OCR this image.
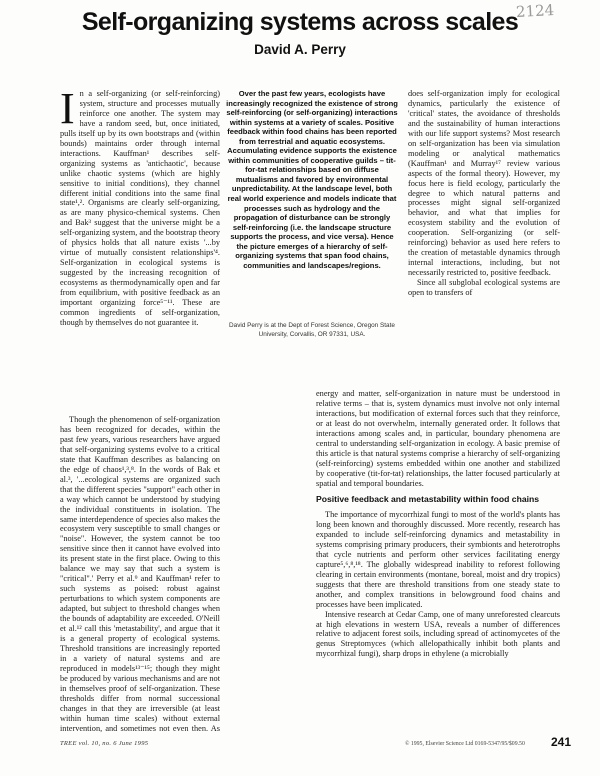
2124
Self-organizing systems across scales
David A. Perry

In a self-organizing (or self-reinforcing) system, structure and processes mutually reinforce one another. The system may have a random seed, but, once initiated, pulls itself up by its own bootstraps and (within bounds) maintains order through internal interactions. Kauffman¹ describes self-organizing systems as 'antichaotic', because unlike chaotic systems (which are highly sensitive to initial conditions), they channel different initial conditions into the same final state¹,². Organisms are clearly self-organizing, as are many physico-chemical systems. Chen and Bak³ suggest that the universe might be a self-organizing system, and the bootstrap theory of physics holds that all nature exists '...by virtue of mutually consistent relationships'⁴. Self-organization in ecological systems is suggested by the increasing recognition of ecosystems as thermodynamically open and far from equilibrium, with positive feedback as an important organizing force⁵⁻¹¹. These are common ingredients of self-organization, though by themselves do not guarantee it.

Over the past few years, ecologists have increasingly recognized the existence of strong self-reinforcing (or self-organizing) interactions within systems at a variety of scales. Positive feedback within food chains has been reported from terrestrial and aquatic ecosystems. Accumulating evidence supports the existence within communities of cooperative guilds – tit-for-tat relationships based on diffuse mutualisms and favored by environmental unpredictability. At the landscape level, both real world experience and models indicate that processes such as hydrology and the propagation of disturbance can be strongly self-reinforcing (i.e. the landscape structure supports the process, and vice versa). Hence the picture emerges of a hierarchy of self-organizing systems that span food chains, communities and landscapes/regions.
David Perry is at the Dept of Forest Science, Oregon State University, Corvallis, OR 97331, USA.

does self-organization imply for ecological dynamics, particularly the existence of 'critical' states, the avoidance of thresholds and the sustainability of human interactions with our life support systems? Most research on self-organization has been via simulation modeling or analytical mathematics (Kauffman¹ and Murray¹⁷ review various aspects of the formal theory). However, my focus here is field ecology, particularly the degree to which natural patterns and processes might signal self-organized behavior, and what that implies for ecosystem stability and the evolution of cooperation. Self-organizing (or self-reinforcing) behavior as used here refers to the creation of metastable dynamics through internal interactions, including, but not necessarily restricted to, positive feedback.

Since all subglobal ecological systems are open to transfers of

Though the phenomenon of self-organization has been recognized for decades, within the past few years, various researchers have argued that self-organizing systems evolve to a critical state that Kauffman describes as balancing on the edge of chaos¹,³,⁸. In the words of Bak et al.³, '...ecological systems are organized such that the different species "support" each other in a way which cannot be understood by studying the individual constituents in isolation. The same interdependence of species also makes the ecosystem very susceptible to small changes or "noise". However, the system cannot be too sensitive since then it cannot have evolved into its present state in the first place. Owing to this balance we may say that such a system is "critical".' Perry et al.⁹ and Kauffman¹ refer to such systems as poised: robust against perturbations to which system components are adapted, but subject to threshold changes when the bounds of adaptability are exceeded. O'Neill et al.¹² call this 'metastability', and argue that it is a general property of ecological systems. Threshold transitions are increasingly reported in a variety of natural systems and are reproduced in models¹³⁻¹⁵; though they might be produced by various mechanisms and are not in themselves proof of self-organization. These thresholds differ from normal successional changes in that they are irreversible (at least within human time scales) without external intervention, and sometimes not even then. As

energy and matter, self-organization in nature must be understood in relative terms – that is, system dynamics must involve not only internal interactions, but modification of external forces such that they reinforce, or at least do not overwhelm, internally generated order. It follows that interactions among scales and, in particular, boundary phenomena are central to understanding self-organization in ecology. A basic premise of this article is that natural systems comprise a hierarchy of self-organizing (self-reinforcing) systems embedded within one another and stabilized by cooperative (tit-for-tat) relationships, the latter focused particularly at spatial and temporal boundaries.

Positive feedback and metastability within food chains

The importance of mycorrhizal fungi to most of the world's plants has long been known and thoroughly discussed. More recently, research has expanded to include self-reinforcing dynamics and metastability in systems comprising primary producers, their symbionts and heterotrophs that cycle nutrients and perform other services facilitating energy capture⁵,⁶,⁸,¹⁸. The globally widespread inability to reforest following clearing in certain environments (montane, boreal, moist and dry tropics) suggests that there are threshold transitions from one steady state to another, and complex transitions in belowground food chains and processes have been implicated.

Intensive research at Cedar Camp, one of many unreforested clearcuts at high elevations in western USA, reveals a number of differences relative to adjacent forest soils, including spread of actinomycetes of the genus Streptomyces (which allelopathically inhibit both plants and mycorrhizal fungi), sharp drops in ethylene (a microbially

TREE vol. 10, no. 6 June 1995	© 1995, Elsevier Science Ltd 0169-5347/95/$09.50 241
